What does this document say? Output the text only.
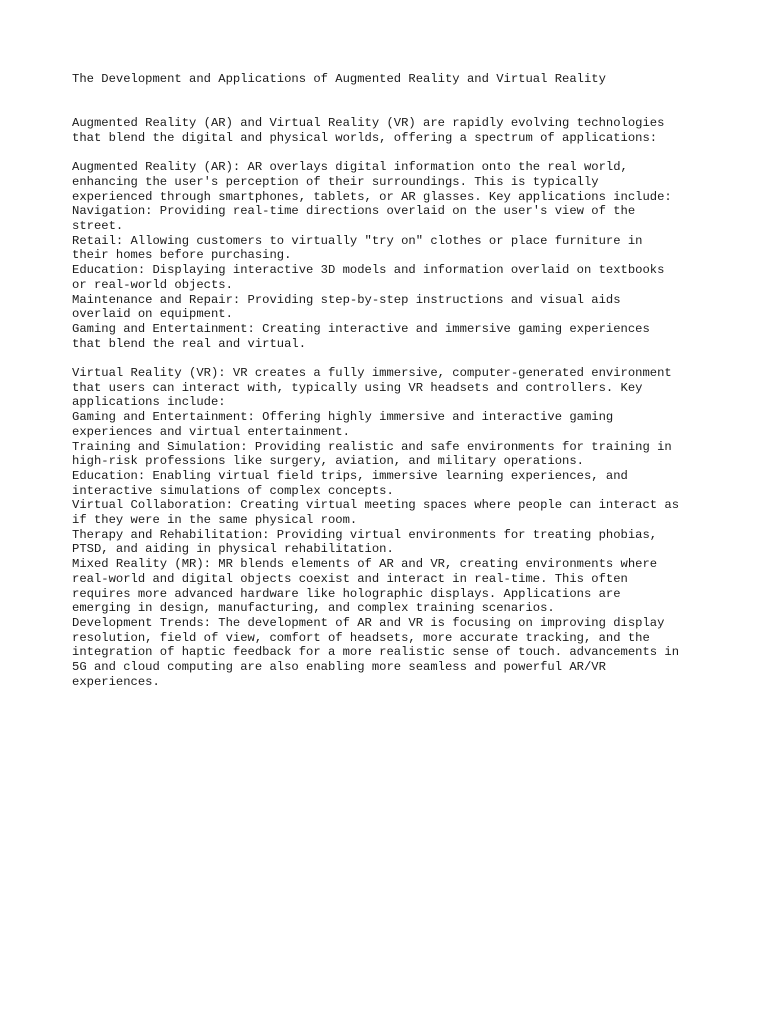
The Development and Applications of Augmented Reality and Virtual Reality

Augmented Reality (AR) and Virtual Reality (VR) are rapidly evolving technologies
that blend the digital and physical worlds, offering a spectrum of applications:

Augmented Reality (AR): AR overlays digital information onto the real world,
enhancing the user's perception of their surroundings. This is typically
experienced through smartphones, tablets, or AR glasses. Key applications include:
Navigation: Providing real-time directions overlaid on the user's view of the
street.
Retail: Allowing customers to virtually "try on" clothes or place furniture in
their homes before purchasing.
Education: Displaying interactive 3D models and information overlaid on textbooks
or real-world objects.
Maintenance and Repair: Providing step-by-step instructions and visual aids
overlaid on equipment.
Gaming and Entertainment: Creating interactive and immersive gaming experiences
that blend the real and virtual.

Virtual Reality (VR): VR creates a fully immersive, computer-generated environment
that users can interact with, typically using VR headsets and controllers. Key
applications include:
Gaming and Entertainment: Offering highly immersive and interactive gaming
experiences and virtual entertainment.
Training and Simulation: Providing realistic and safe environments for training in
high-risk professions like surgery, aviation, and military operations.
Education: Enabling virtual field trips, immersive learning experiences, and
interactive simulations of complex concepts.
Virtual Collaboration: Creating virtual meeting spaces where people can interact as
if they were in the same physical room.
Therapy and Rehabilitation: Providing virtual environments for treating phobias,
PTSD, and aiding in physical rehabilitation.
Mixed Reality (MR): MR blends elements of AR and VR, creating environments where
real-world and digital objects coexist and interact in real-time. This often
requires more advanced hardware like holographic displays. Applications are
emerging in design, manufacturing, and complex training scenarios.
Development Trends: The development of AR and VR is focusing on improving display
resolution, field of view, comfort of headsets, more accurate tracking, and the
integration of haptic feedback for a more realistic sense of touch. advancements in
5G and cloud computing are also enabling more seamless and powerful AR/VR
experiences.
